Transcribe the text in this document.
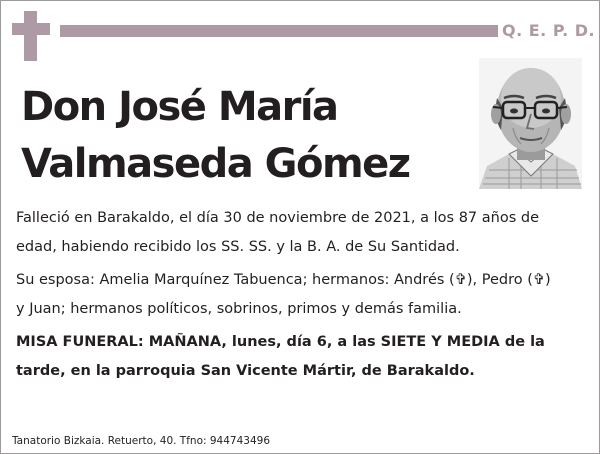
Q. E. P. D.
Don José María
Valmaseda Gómez

Falleció en Barakaldo, el día 30 de noviembre de 2021, a los 87 años de edad, habiendo recibido los SS. SS. y la B. A. de Su Santidad.

Su esposa: Amelia Marquínez Tabuenca; hermanos: Andrés (✞), Pedro (✞) y Juan; hermanos políticos, sobrinos, primos y demás familia.

MISA FUNERAL: MAÑANA, lunes, día 6, a las SIETE Y MEDIA de la tarde, en la parroquia San Vicente Mártir, de Barakaldo.

Tanatorio Bizkaia. Retuerto, 40. Tfno: 944743496
